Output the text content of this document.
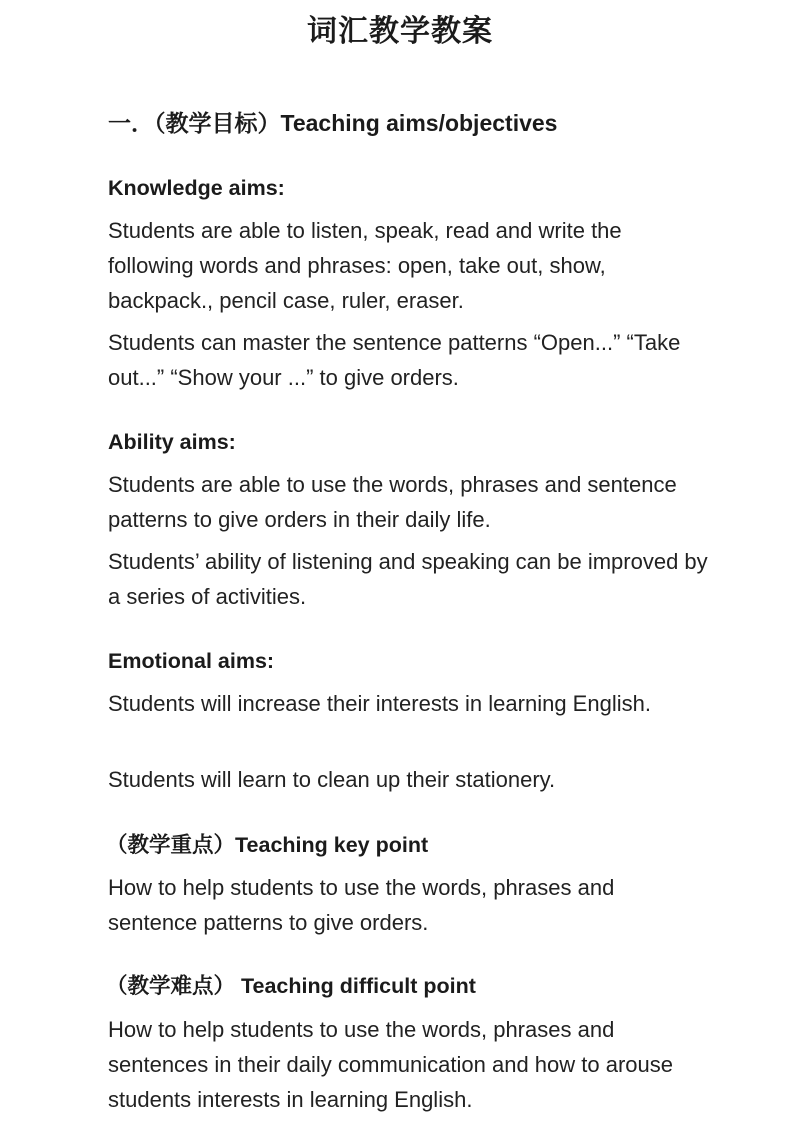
词汇教学教案
一．（教学目标）Teaching aims/objectives
Knowledge aims:

Students are able to listen, speak, read and write the following words and phrases: open, take out, show, backpack., pencil case, ruler, eraser.

Students can master the sentence patterns “Open...” “Take out...” “Show your ...” to give orders.

Ability aims:

Students are able to use the words, phrases and sentence patterns to give orders in their daily life.

Students’ ability of listening and speaking can be improved by a series of activities.

Emotional aims:

Students will increase their interests in learning English.

Students will learn to clean up their stationery.

（教学重点）Teaching key point

How to help students to use the words, phrases and sentence patterns to give orders.

（教学难点） Teaching difficult point

How to help students to use the words, phrases and sentences in their daily communication and how to arouse students interests in learning English.
